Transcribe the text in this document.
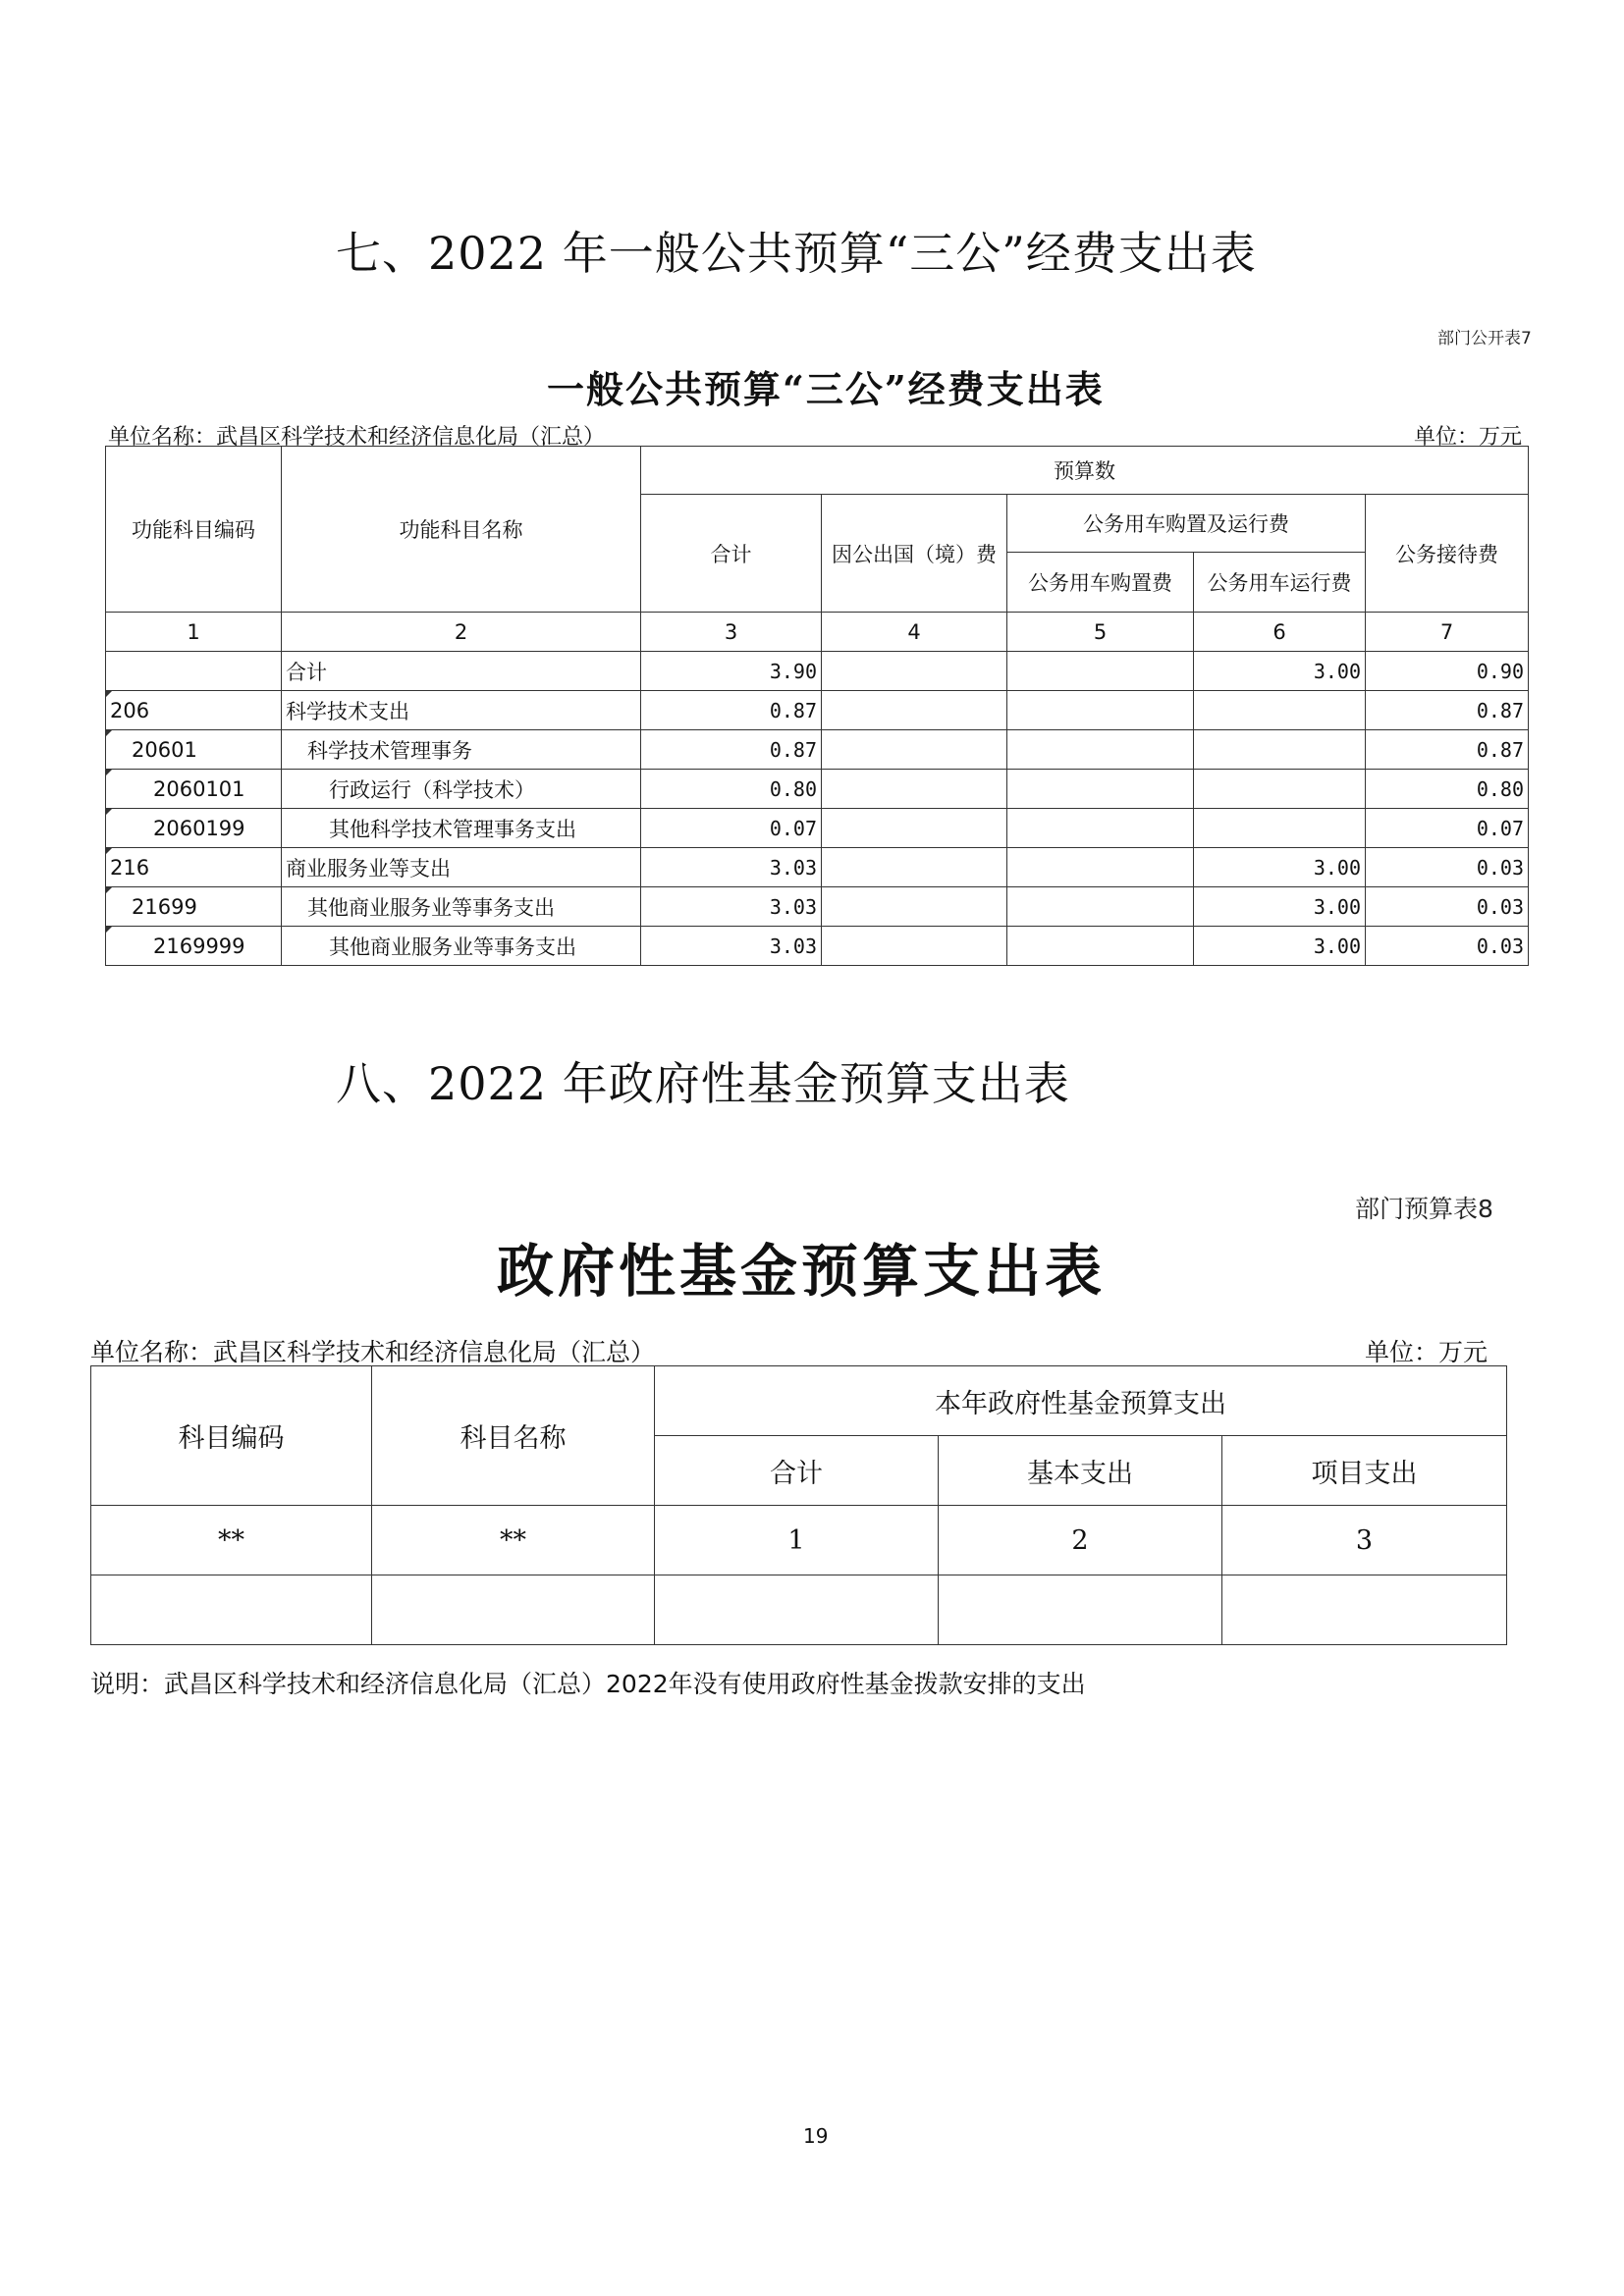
七、2022 年一般公共预算“三公”经费支出表
部门公开表7
一般公共预算“三公”经费支出表
单位名称：武昌区科学技术和经济信息化局（汇总）	单位：万元
功能科目编码	功能科目名称	预算数				
		合计	因公出国（境）费	公务用车购置及运行费		公务接待费
				公务用车购置费	公务用车运行费	
1	2	3	4	5	6	7
	合计	3.90			3.00	0.90
206	科学技术支出	0.87				0.87
20601	科学技术管理事务	0.87				0.87
2060101	行政运行（科学技术）	0.80				0.80
2060199	其他科学技术管理事务支出	0.07				0.07
216	商业服务业等支出	3.03			3.00	0.03
21699	其他商业服务业等事务支出	3.03			3.00	0.03
2169999	其他商业服务业等事务支出	3.03			3.00	0.03
八、2022 年政府性基金预算支出表
部门预算表8
政府性基金预算支出表
单位名称：武昌区科学技术和经济信息化局（汇总）	单位：万元
科目编码	科目名称	本年政府性基金预算支出		
		合计	基本支出	项目支出
**	**	1	2	3

说明：武昌区科学技术和经济信息化局（汇总）2022年没有使用政府性基金拨款安排的支出
19
